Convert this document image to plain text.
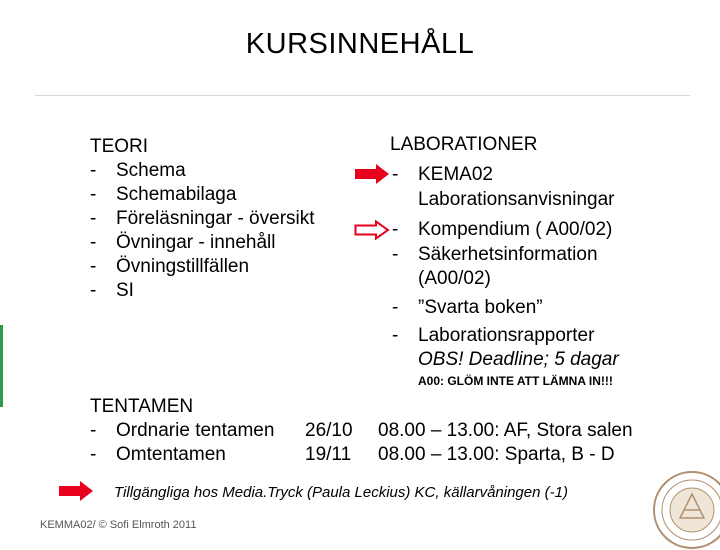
KURSINNEHÅLL
TEORI
- Schema
- Schemabilaga
- Föreläsningar - översikt
- Övningar - innehåll
- Övningstillfällen
- SI
LABORATIONER
- KEMA02
Laborationsanvisningar
- Kompendium ( A00/02)
- Säkerhetsinformation
(A00/02)
- ”Svarta boken”
- Laborationsrapporter
OBS! Deadline; 5 dagar
A00: GLÖM INTE ATT LÄMNA IN!!!
TENTAMEN
- Ordnarie tentamen 26/10 08.00 – 13.00: AF, Stora salen
- Omtentamen	19/11 08.00 – 13.00: Sparta, B - D
Tillgängliga hos Media.Tryck (Paula Leckius) KC, källarvåningen (-1)
KEMMA02/ © Sofi Elmroth 2011
